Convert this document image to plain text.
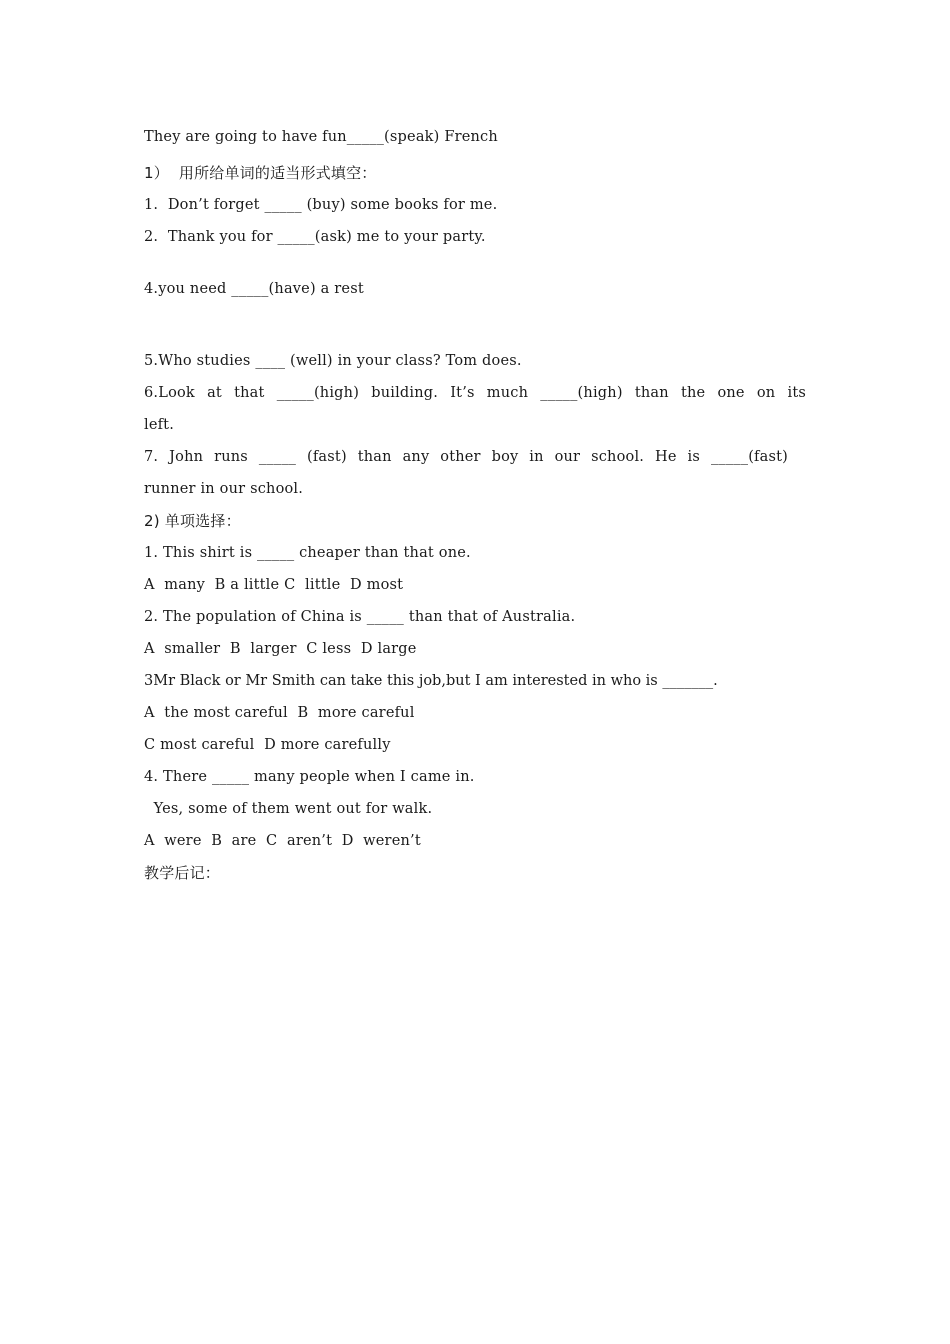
They are going to have fun_____(speak) French
1）  用所给单词的适当形式填空：
1.  Don’t forget _____ (buy) some books for me.
2.  Thank you for _____(ask) me to your party.
4.you need _____(have) a rest
5.Who studies ____ (well) in your class? Tom does.
6.Look at that _____(high) building. It’s much _____(high) than the one on its
left.
7. John runs _____ (fast) than any other boy in our school. He is _____(fast)
runner in our school.
2) 单项选择：
1. This shirt is _____ cheaper than that one.
A  many  B a little C  little  D most
2. The population of China is _____ than that of Australia.
A  smaller  B  larger  C less  D large
3Mr Black or Mr Smith can take this job,but I am interested in who is _______.
A  the most careful  B  more careful
C most careful  D more carefully
4. There _____ many people when I came in.
Yes, some of them went out for walk.
A  were  B  are  C  aren’t  D  weren’t
教学后记：
